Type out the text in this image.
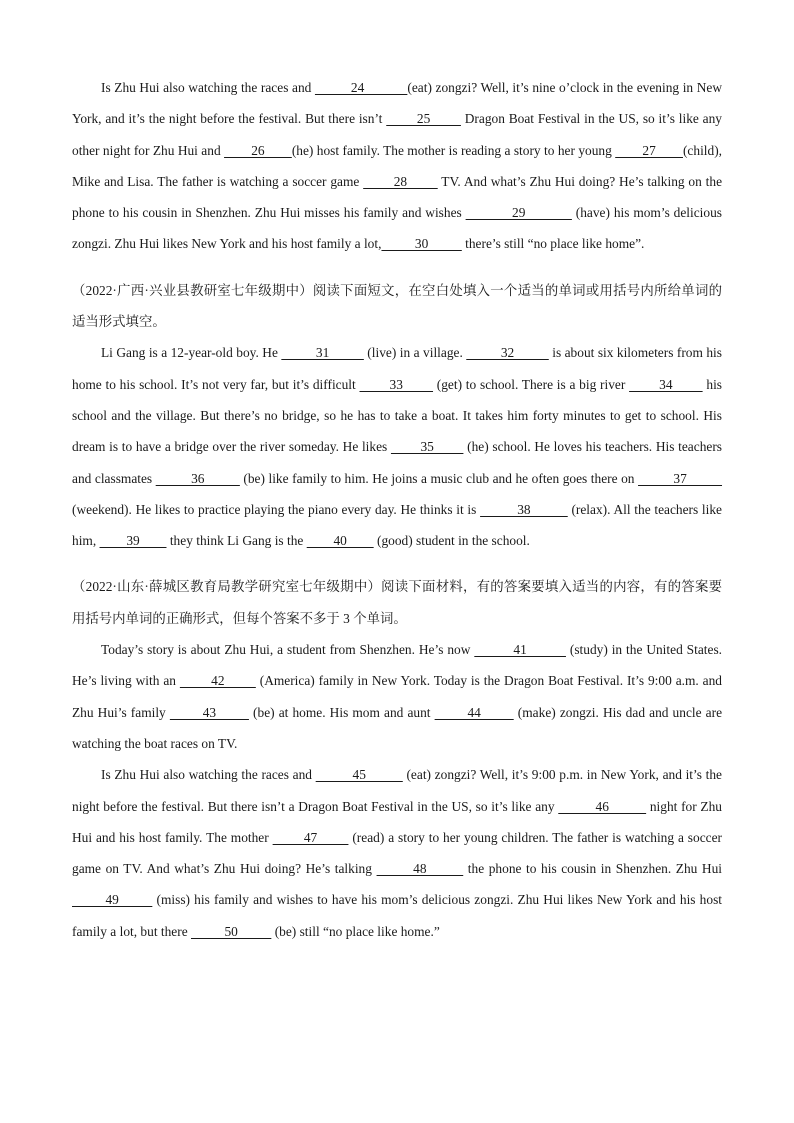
Is Zhu Hui also watching the races and           24            (eat) zongzi? Well, it’s nine o’clock in the evening in New York, and it’s the night before the festival. But there isn’t         25         Dragon Boat Festival in the US, so it’s like any other night for Zhu Hui and         26        (he) host family. The mother is reading a story to her young         27        (child), Mike and Lisa. The father is watching a soccer game         28         TV. And what’s Zhu Hui doing? He’s talking on the phone to his cousin in Shenzhen. Zhu Hui misses his family and wishes             29             (have) his mom’s delicious zongzi. Zhu Hui likes New York and his host family a lot,          30           there’s still “no place like home”.

（2022·广西·兴业县教研室七年级期中）阅读下面短文，在空白处填入一个适当的单词或用括号内所给单词的适当形式填空。

Li Gang is a 12-year-old boy. He           31           (live) in a village.           32           is about six kilometers from his home to his school. It’s not very far, but it’s difficult         33         (get) to school. There is a big river         34         his school and the village. But there’s no bridge, so he has to take a boat. It takes him forty minutes to get to school. His dream is to have a bridge over the river someday. He likes         35         (he) school. He loves his teachers. His teachers and classmates           36           (be) like family to him. He joins a music club and he often goes there on           37           (weekend). He likes to practice playing the piano every day. He thinks it is           38           (relax). All the teachers like him,         39         they think Li Gang is the         40         (good) student in the school.

（2022·山东·薛城区教育局教学研究室七年级期中）阅读下面材料，有的答案要填入适当的内容，有的答案要用括号内单词的正确形式，但每个答案不多于 3 个单词。

Today’s story is about Zhu Hui, a student from Shenzhen. He’s now           41           (study) in the United States. He’s living with an         42         (America) family in New York. Today is the Dragon Boat Festival. It’s 9:00 a.m. and Zhu Hui’s family         43         (be) at home. His mom and aunt         44         (make) zongzi. His dad and uncle are watching the boat races on TV.

Is Zhu Hui also watching the races and           45           (eat) zongzi? Well, it’s 9:00 p.m. in New York, and it’s the night before the festival. But there isn’t a Dragon Boat Festival in the US, so it’s like any           46           night for Zhu Hui and his host family. The mother         47         (read) a story to her young children. The father is watching a soccer game on TV. And what’s Zhu Hui doing? He’s talking         48         the phone to his cousin in Shenzhen. Zhu Hui         49         (miss) his family and wishes to have his mom’s delicious zongzi. Zhu Hui likes New York and his host family a lot, but there           50           (be) still “no place like home.”
